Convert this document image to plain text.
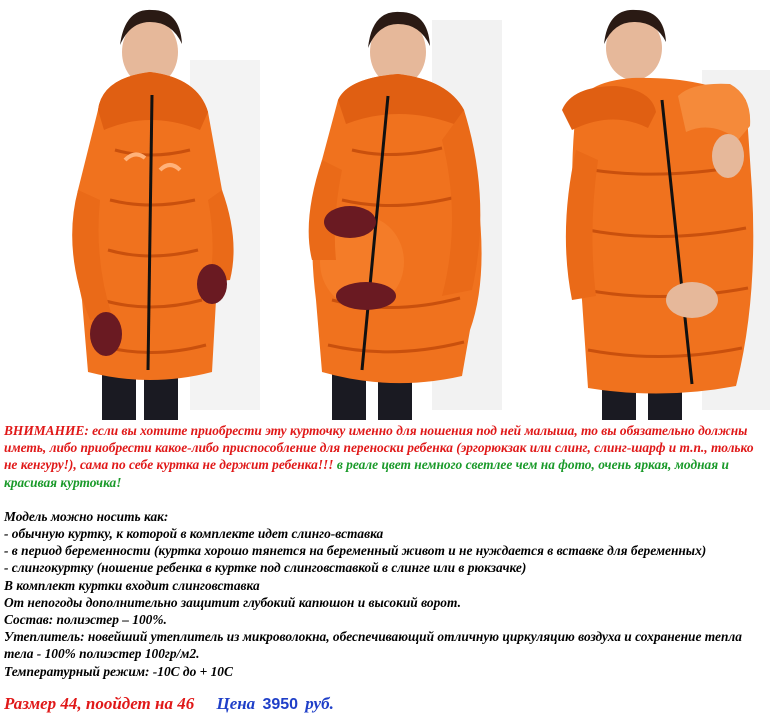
ВНИМАНИЕ: если вы хотите приобрести эту курточку именно для ношения под ней малыша, то вы обязательно должны иметь, либо приобрести какое-либо приспособление для переноски ребенка (эргорюкзак или слинг, слинг-шарф и т.п., только не кенгуру!), сама по себе куртка не держит ребенка!!! в реале цвет немного светлее чем на фото, очень яркая, модная и красивая курточка!
Модель можно носить как:
- обычную куртку, к которой в комплекте идет слинго-вставка
- в период беременности (куртка хорошо тянется на беременный живот и не нуждается в вставке для беременных)
- слингокуртку (ношение ребенка в куртке под слинговставкой в слинге или в рюкзачке)
В комплект куртки входит слинговставка
От непогоды дополнительно защитит глубокий капюшон и высокий ворот.
Состав: полиэстер – 100%.
Утеплитель: новейший утеплитель из микроволокна, обеспечивающий отличную циркуляцию воздуха и сохранение тепла тела - 100% полиэстер 100гр/м2.
Температурный режим: -10С до + 10С
Размер 44, поойдет на 46 Цена 3950 руб.
